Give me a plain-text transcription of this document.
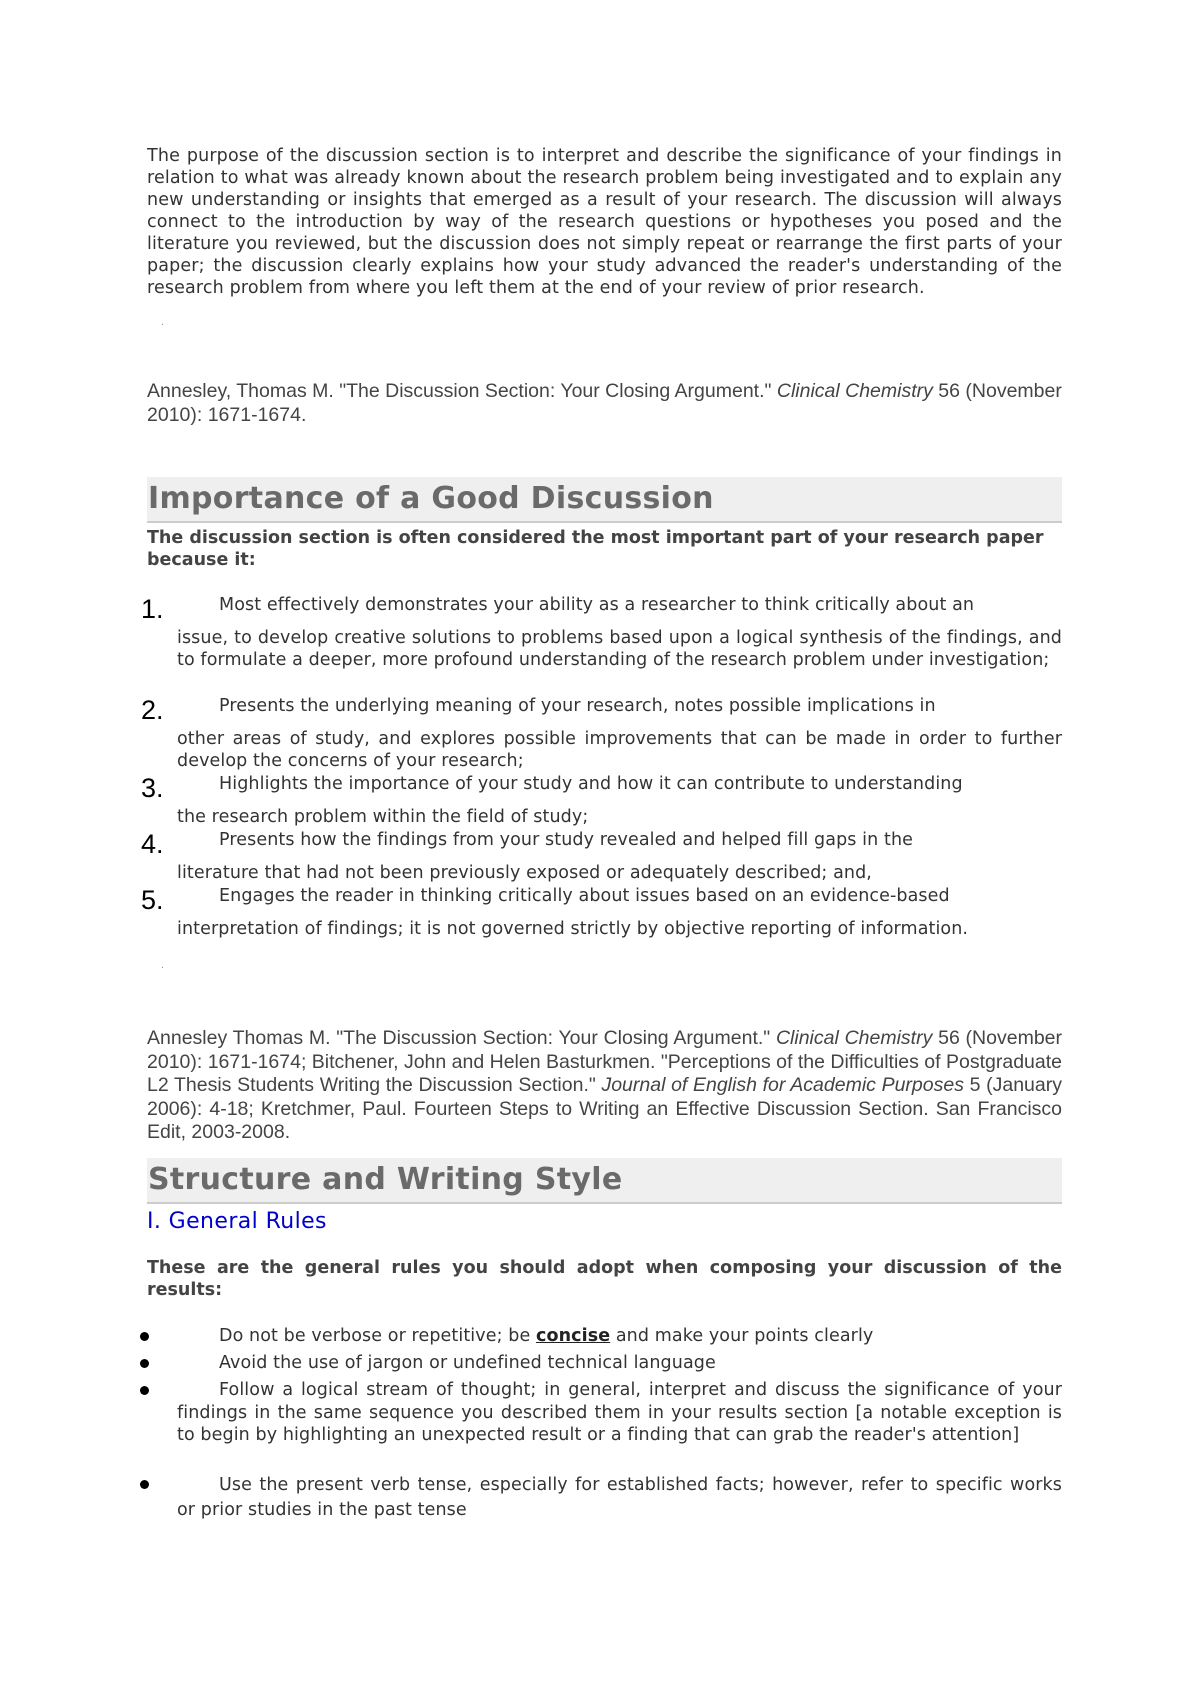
The purpose of the discussion section is to interpret and describe the significance of your findings in relation to what was already known about the research problem being investigated and to explain any new understanding or insights that emerged as a result of your research. The discussion will always connect to the introduction by way of the research questions or hypotheses you posed and the literature you reviewed, but the discussion does not simply repeat or rearrange the first parts of your paper; the discussion clearly explains how your study advanced the reader's understanding of the research problem from where you left them at the end of your review of prior research.
.
Annesley, Thomas M. "The Discussion Section: Your Closing Argument." Clinical Chemistry 56 (November 2010): 1671-1674.
Importance of a Good Discussion
The discussion section is often considered the most important part of your research paper because it:
1.	Most effectively demonstrates your ability as a researcher to think critically about an
issue, to develop creative solutions to problems based upon a logical synthesis of the findings, and to formulate a deeper, more profound understanding of the research problem under investigation;
2.	Presents the underlying meaning of your research, notes possible implications in
other areas of study, and explores possible improvements that can be made in order to further develop the concerns of your research;
3.	Highlights the importance of your study and how it can contribute to understanding
the research problem within the field of study;
4.	Presents how the findings from your study revealed and helped fill gaps in the
literature that had not been previously exposed or adequately described; and,
5.	Engages the reader in thinking critically about issues based on an evidence-based
interpretation of findings; it is not governed strictly by objective reporting of information.
.
Annesley Thomas M. "The Discussion Section: Your Closing Argument." Clinical Chemistry 56 (November 2010): 1671-1674; Bitchener, John and Helen Basturkmen. "Perceptions of the Difficulties of Postgraduate L2 Thesis Students Writing the Discussion Section." Journal of English for Academic Purposes 5 (January 2006): 4-18; Kretchmer, Paul. Fourteen Steps to Writing an Effective Discussion Section. San Francisco Edit, 2003-2008.
Structure and Writing Style
I. General Rules
These are the general rules you should adopt when composing your discussion of the results:
Do not be verbose or repetitive; be concise and make your points clearly
Avoid the use of jargon or undefined technical language
Follow a logical stream of thought; in general, interpret and discuss the significance of your findings in the same sequence you described them in your results section [a notable exception is to begin by highlighting an unexpected result or a finding that can grab the reader's attention]
Use the present verb tense, especially for established facts; however, refer to specific works or prior studies in the past tense
